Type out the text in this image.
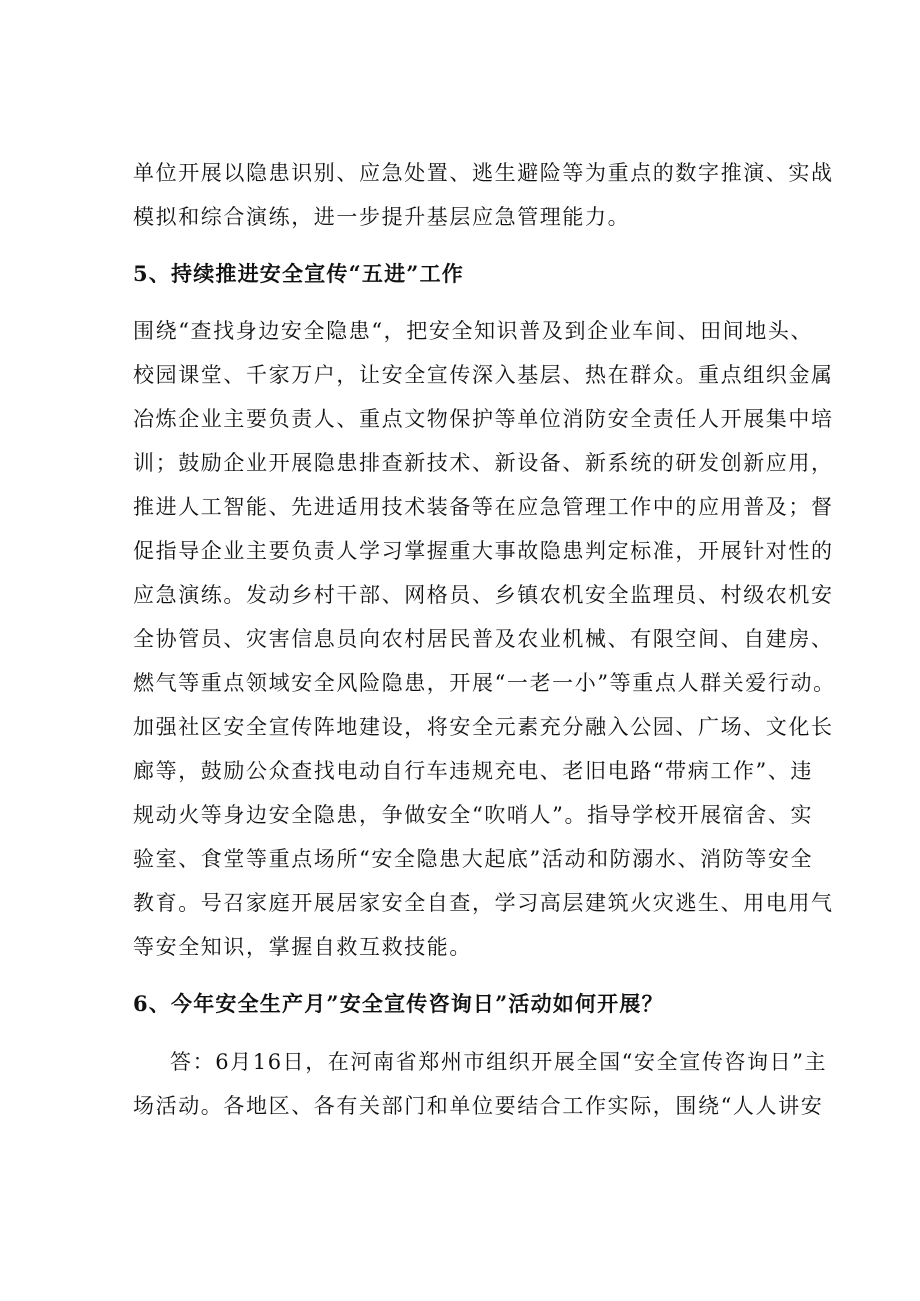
单位开展以隐患识别、应急处置、逃生避险等为重点的数字推演、实战
模拟和综合演练，进一步提升基层应急管理能力。
5、持续推进安全宣传“五进”工作
围绕“查找身边安全隐患“，把安全知识普及到企业车间、田间地头、
校园课堂、千家万户，让安全宣传深入基层、热在群众。重点组织金属
冶炼企业主要负责人、重点文物保护等单位消防安全责任人开展集中培
训；鼓励企业开展隐患排查新技术、新设备、新系统的研发创新应用，
推进人工智能、先进适用技术装备等在应急管理工作中的应用普及；督
促指导企业主要负责人学习掌握重大事故隐患判定标准，开展针对性的
应急演练。发动乡村干部、网格员、乡镇农机安全监理员、村级农机安
全协管员、灾害信息员向农村居民普及农业机械、有限空间、自建房、
燃气等重点领域安全风险隐患，开展“一老一小”等重点人群关爱行动。
加强社区安全宣传阵地建设，将安全元素充分融入公园、广场、文化长
廊等，鼓励公众查找电动自行车违规充电、老旧电路“带病工作”、违
规动火等身边安全隐患，争做安全“吹哨人”。指导学校开展宿舍、实
验室、食堂等重点场所“安全隐患大起底”活动和防溺水、消防等安全
教育。号召家庭开展居家安全自查，学习高层建筑火灾逃生、用电用气
等安全知识，掌握自救互救技能。
6、今年安全生产月”安全宣传咨询日”活动如何开展？
答：6月16日，在河南省郑州市组织开展全国“安全宣传咨询日”主
场活动。各地区、各有关部门和单位要结合工作实际，围绕“人人讲安
